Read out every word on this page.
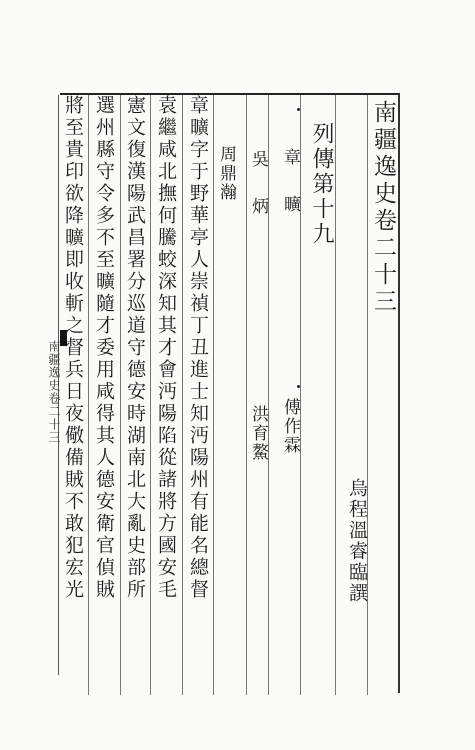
南疆逸史卷二十三
烏程溫睿臨譔
列傳第十九
章 曠
傅作霖
吳 炳
洪育鰲
周鼎瀚
章曠字于野華亭人崇禎丁丑進士知沔陽州有能名總督
袁繼咸北撫何騰蛟深知其才會沔陽陷從諸將方國安毛
憲文復漢陽武昌署分巡道守德安時湖南北大亂史部所
選州縣守令多不至曠隨才委用咸得其人德安衛官偵賊
將至貴印欲降曠即收斬之督兵日夜儆備賊不敢犯宏光
南疆逸史卷二十三
